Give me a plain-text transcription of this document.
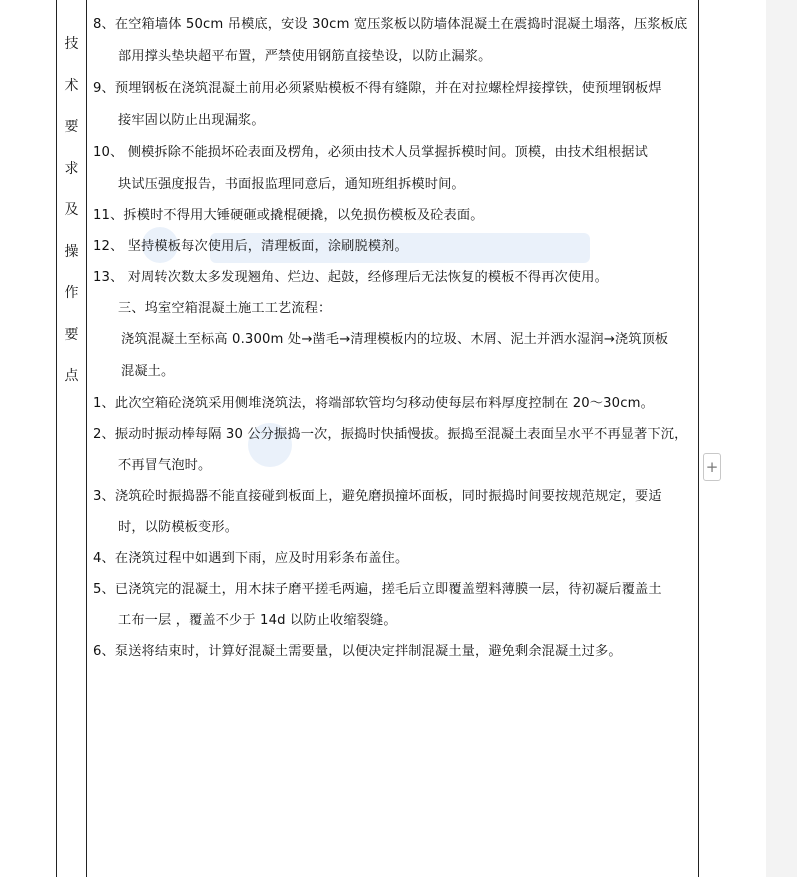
技
术
要
求
及
操
作
要
点
8、在空箱墙体 50cm 吊模底，安设 30cm 宽压浆板以防墙体混凝土在震捣时混凝土塌落，压浆板底
部用撑头垫块超平布置，严禁使用钢筋直接垫设，以防止漏浆。
9、预埋钢板在浇筑混凝土前用必须紧贴模板不得有缝隙，并在对拉螺栓焊接撑铁，使预埋钢板焊
接牢固以防止出现漏浆。
10、 侧模拆除不能损坏砼表面及楞角，必须由技术人员掌握拆模时间。顶模，由技术组根据试
块试压强度报告，书面报监理同意后，通知班组拆模时间。
11、拆模时不得用大锤硬砸或撬棍硬撬，以免损伤模板及砼表面。
12、 坚持模板每次使用后，清理板面，涂刷脱模剂。
13、 对周转次数太多发现翘角、烂边、起鼓，经修理后无法恢复的模板不得再次使用。
三、坞室空箱混凝土施工工艺流程：
浇筑混凝土至标高 0.300m 处→凿毛→清理模板内的垃圾、木屑、泥土并洒水湿润→浇筑顶板
混凝土。
1、此次空箱砼浇筑采用侧堆浇筑法，将端部软管均匀移动使每层布料厚度控制在 20～30cm。
2、振动时振动棒每隔 30 公分振捣一次，振捣时快插慢拔。振捣至混凝土表面呈水平不再显著下沉，
不再冒气泡时。
3、浇筑砼时振捣器不能直接碰到板面上，避免磨损撞坏面板，同时振捣时间要按规范规定，要适
时，以防模板变形。
4、在浇筑过程中如遇到下雨，应及时用彩条布盖住。
5、已浇筑完的混凝土，用木抹子磨平搓毛两遍，搓毛后立即覆盖塑料薄膜一层，待初凝后覆盖土
工布一层 ，覆盖不少于 14d 以防止收缩裂缝。
6、泵送将结束时，计算好混凝土需要量，以便决定拌制混凝土量，避免剩余混凝土过多。
+
